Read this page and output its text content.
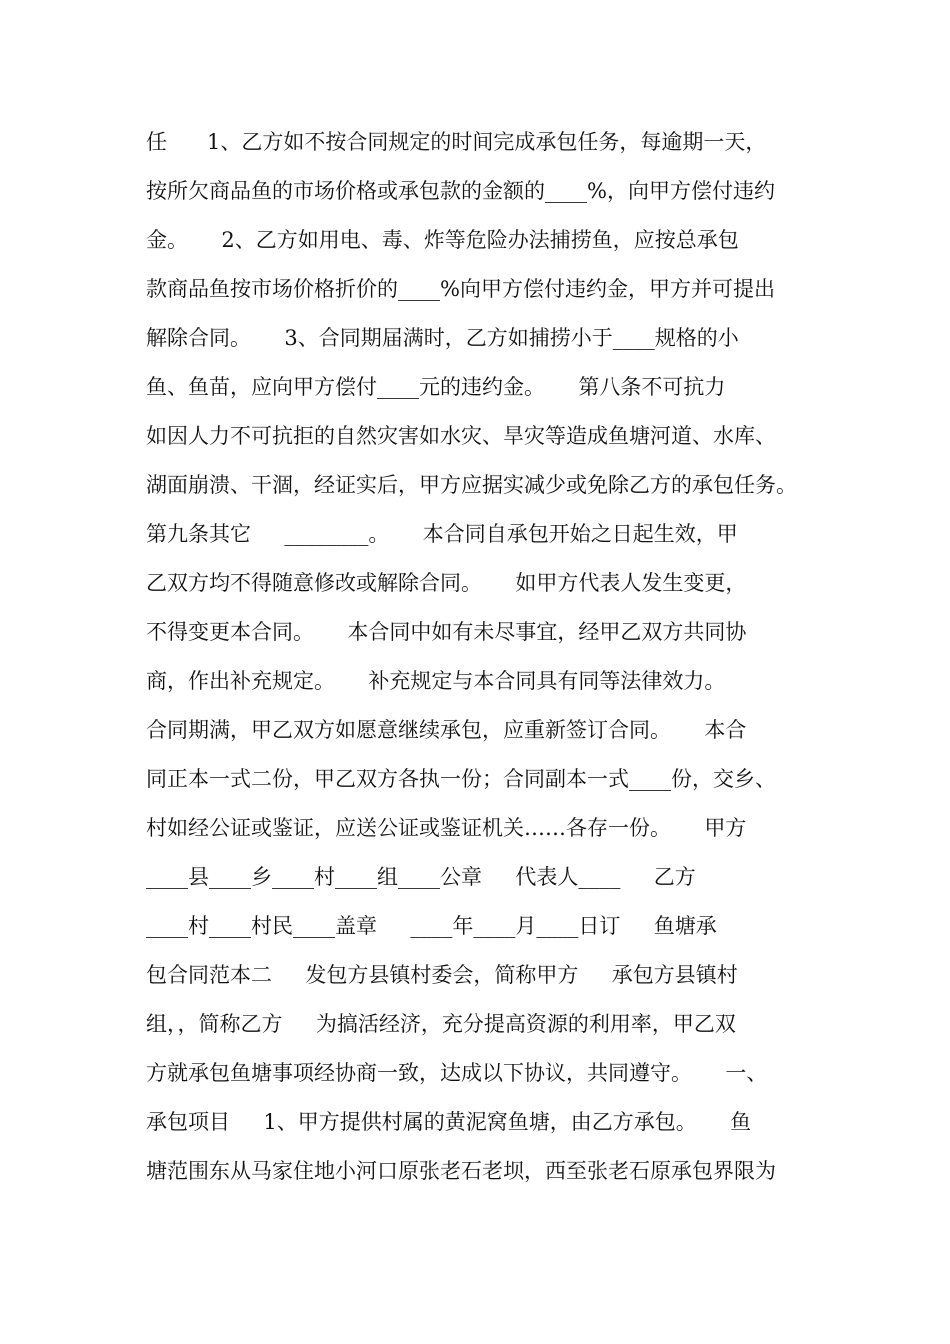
任      1、乙方如不按合同规定的时间完成承包任务，每逾期一天，
按所欠商品鱼的市场价格或承包款的金额的____%，向甲方偿付违约
金。     2、乙方如用电、毒、炸等危险办法捕捞鱼，应按总承包
款商品鱼按市场价格折价的____%向甲方偿付违约金，甲方并可提出
解除合同。     3、合同期届满时，乙方如捕捞小于____规格的小
鱼、鱼苗，应向甲方偿付____元的违约金。     第八条不可抗力
如因人力不可抗拒的自然灾害如水灾、旱灾等造成鱼塘河道、水库、
湖面崩溃、干涸，经证实后，甲方应据实减少或免除乙方的承包任务。
第九条其它     ________。     本合同自承包开始之日起生效，甲
乙双方均不得随意修改或解除合同。     如甲方代表人发生变更，
不得变更本合同。     本合同中如有未尽事宜，经甲乙双方共同协
商，作出补充规定。     补充规定与本合同具有同等法律效力。
合同期满，甲乙双方如愿意继续承包，应重新签订合同。     本合
同正本一式二份，甲乙双方各执一份；合同副本一式____份，交乡、
村如经公证或鉴证，应送公证或鉴证机关……各存一份。     甲方
____县____乡____村____组____公章     代表人____     乙方
____村____村民____盖章     ____年____月____日订     鱼塘承
包合同范本二     发包方县镇村委会，简称甲方     承包方县镇村
组，，简称乙方     为搞活经济，充分提高资源的利用率，甲乙双
方就承包鱼塘事项经协商一致，达成以下协议，共同遵守。     一、
承包项目     1、甲方提供村属的黄泥窝鱼塘，由乙方承包。     鱼
塘范围东从马家住地小河口原张老石老坝，西至张老石原承包界限为
